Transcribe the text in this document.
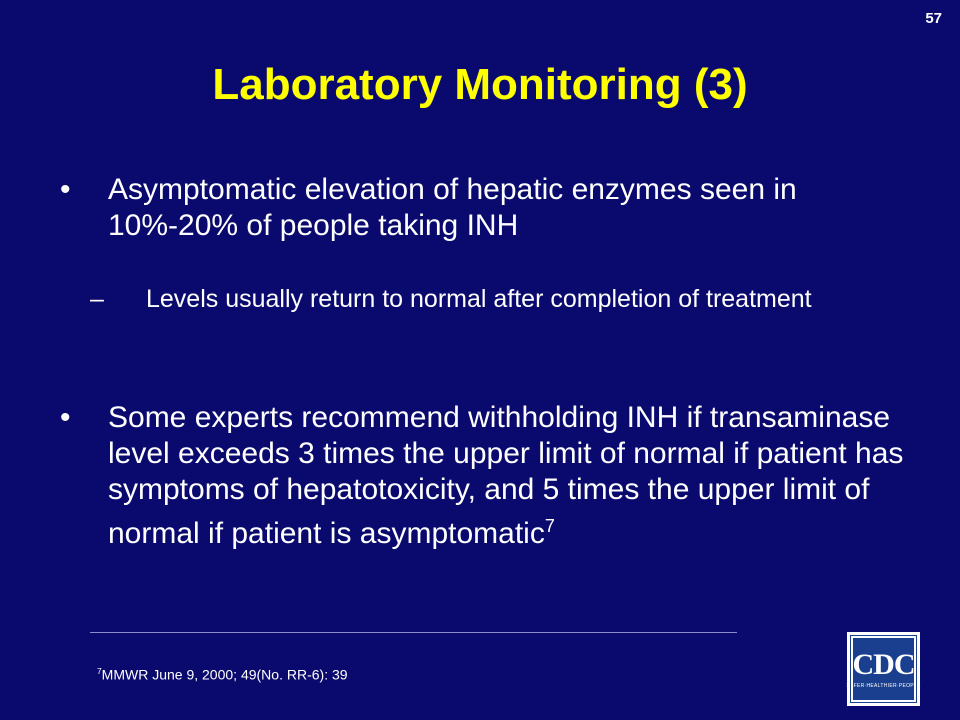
57
Laboratory Monitoring (3)
•	Asymptomatic elevation of hepatic enzymes seen in 10%-20% of people taking INH
–	Levels usually return to normal after completion of treatment
•	Some experts recommend withholding INH if transaminase level exceeds 3 times the upper limit of normal if patient has symptoms of hepatotoxicity, and 5 times the upper limit of normal if patient is asymptomatic$^7$
$^7$MMWR June 9, 2000; 49(No. RR-6): 39	CDC
SAFER·HEALTHIER·PEOPLE
